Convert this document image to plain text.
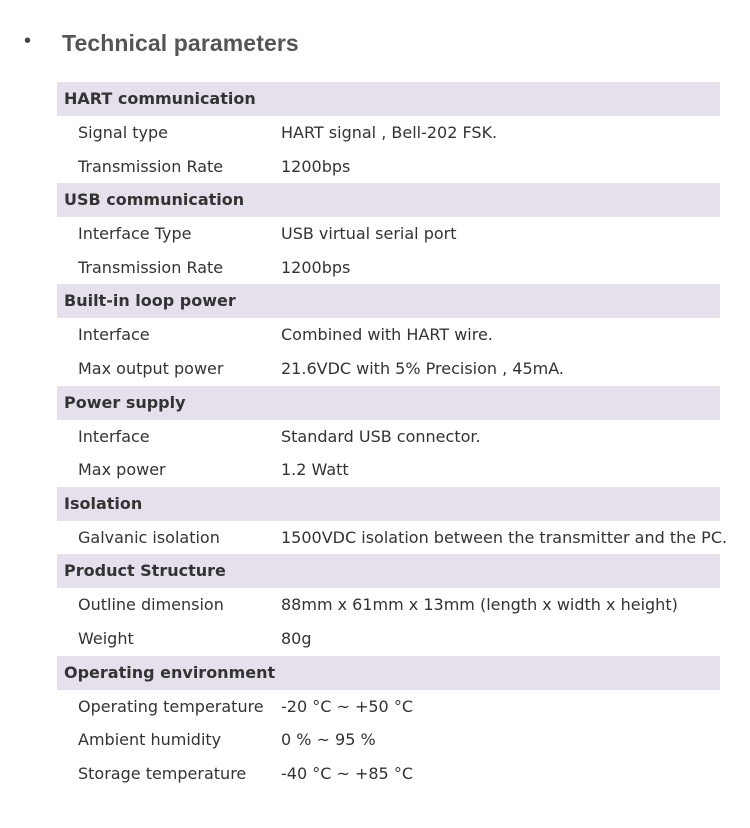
• Technical parameters
HART communication
Signal type	HART signal , Bell-202 FSK.
Transmission Rate	1200bps
USB communication
Interface Type	USB virtual serial port
Transmission Rate	1200bps
Built-in loop power
Interface	Combined with HART wire.
Max output power	21.6VDC with 5% Precision , 45mA.
Power supply
Interface	Standard USB connector.
Max power	1.2 Watt
Isolation
Galvanic isolation	1500VDC isolation between the transmitter and the PC.
Product Structure
Outline dimension	88mm x 61mm x 13mm (length x width x height)
Weight	80g
Operating environment
Operating temperature -20 °C ~ +50 °C
Ambient humidity	0 % ~ 95 %
Storage temperature -40 °C ~ +85 °C
